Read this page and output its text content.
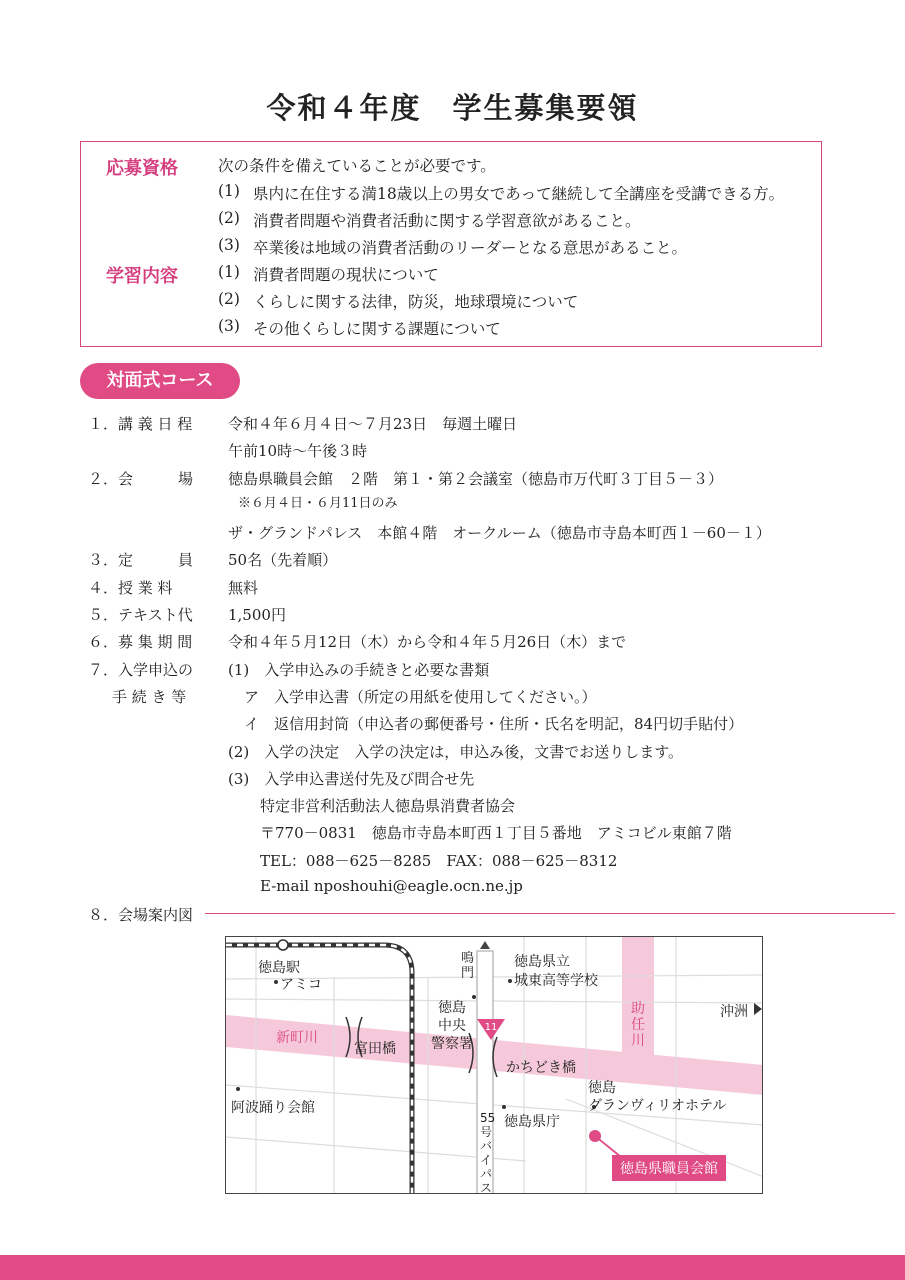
令和４年度　学生募集要領
応募資格	次の条件を備えていることが必要です。
(1) 県内に在住する満18歳以上の男女であって継続して全講座を受講できる方。
(2) 消費者問題や消費者活動に関する学習意欲があること。
(3) 卒業後は地域の消費者活動のリーダーとなる意思があること。
学習内容	(1) 消費者問題の現状について
(2) くらしに関する法律，防災，地球環境について
(3) その他くらしに関する課題について
対面式コース
１．講 義 日 程 令和４年６月４日～７月23日　毎週土曜日
午前10時～午後３時
２．会　　　場 徳島県職員会館　２階　第１・第２会議室（徳島市万代町３丁目５－３）
※６月４日・６月11日のみ
ザ・グランドパレス　本館４階　オークルーム（徳島市寺島本町西１－60－１）
３．定　　　員 50名（先着順）
４．授 業 料	無料
５．テキスト代 1,500円
６．募 集 期 間 令和４年５月12日（木）から令和４年５月26日（木）まで
７．入学申込の
手 続 き 等
(1)　入学申込みの手続きと必要な書類
ア　入学申込書（所定の用紙を使用してください。）
イ　返信用封筒（申込者の郵便番号・住所・氏名を明記，84円切手貼付）
(2)　入学の決定　入学の決定は，申込み後，文書でお送りします。
(3)　入学申込書送付先及び問合せ先
特定非営利活動法人徳島県消費者協会
〒770－0831　徳島市寺島本町西１丁目５番地　アミコビル東館７階
TEL：088－625－8285　FAX：088－625－8312
E-mail nposhouhi@eagle.ocn.ne.jp
８．会場案内図
11
徳島駅
アミコ
鳴門
徳島県立
城東高等学校
沖洲
徳島
中央
警察署
新町川
富田橋
助任川
かちどき橋
徳島
グランヴィリオホテル
阿波踊り会館
55号バイパス
徳島県庁
徳島県職員会館
